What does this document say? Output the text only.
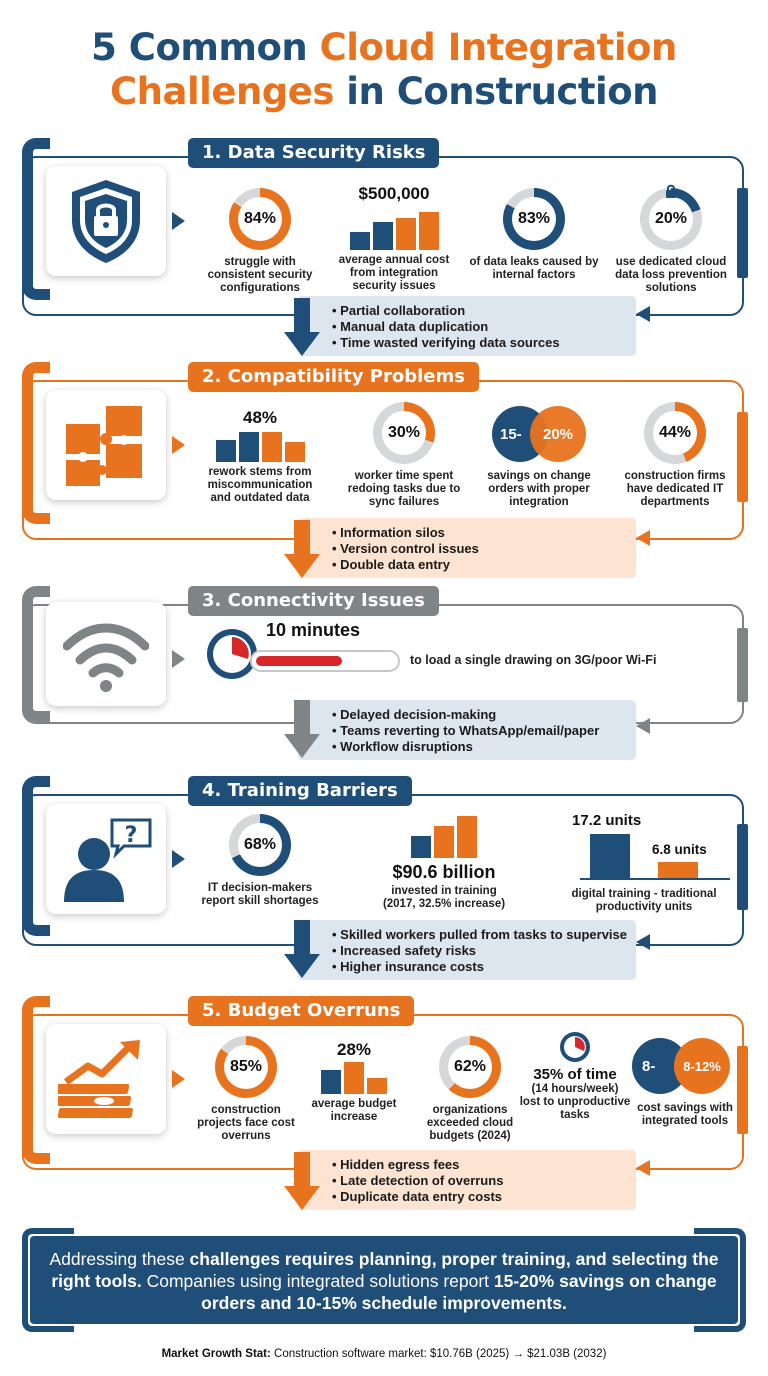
5 Common Cloud Integration
Challenges in Construction
1. Data Security Risks
84%
struggle with consistent security configurations
$500,000
average annual cost from integration security issues
83%
of data leaks caused by internal factors
20%
use dedicated cloud data loss prevention solutions
• Partial collaboration
• Manual data duplication
• Time wasted verifying data sources
2. Compatibility Problems
48%
rework stems from miscommunication and outdated data
30%
worker time spent redoing tasks due to sync failures
15-	20%
savings on change orders with proper integration
44%
construction firms have dedicated IT departments
• Information silos
• Version control issues
• Double data entry
3. Connectivity Issues
10 minutes
to load a single drawing on 3G/poor Wi-Fi
• Delayed decision-making
• Teams reverting to WhatsApp/email/paper
• Workflow disruptions
4. Training Barriers
?	68%
IT decision-makers report skill shortages
$90.6 billion
invested in training (2017, 32.5% increase)
17.2 units
6.8 units
digital training - traditional productivity units
• Skilled workers pulled from tasks to supervise
• Increased safety risks
• Higher insurance costs
5. Budget Overruns
85%
construction projects face cost overruns
28%
average budget increase
62%
organizations exceeded cloud budgets (2024)
35% of time
(14 hours/week)
lost to unproductive tasks
8-	8-12%
cost savings with integrated tools
• Hidden egress fees
• Late detection of overruns
• Duplicate data entry costs
Addressing these challenges requires planning, proper training, and selecting the right tools. Companies using integrated solutions report 15-20% savings on change orders and 10-15% schedule improvements.
Market Growth Stat: Construction software market: $10.76B (2025) → $21.03B (2032)
